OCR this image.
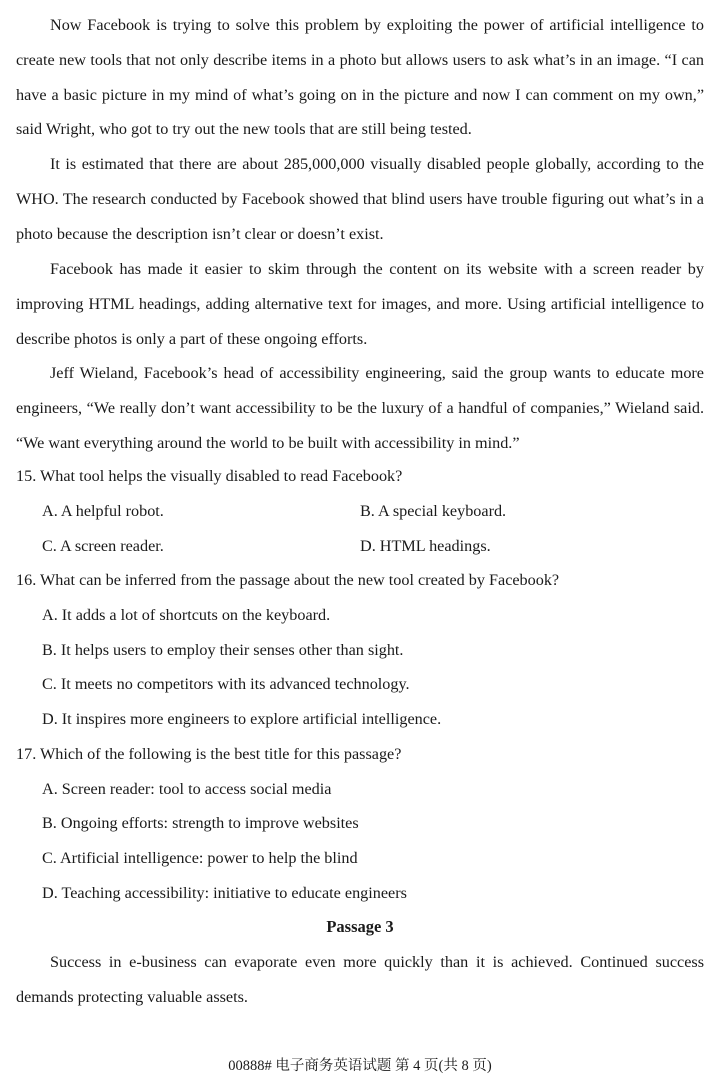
Now Facebook is trying to solve this problem by exploiting the power of artificial intelligence to create new tools that not only describe items in a photo but allows users to ask what’s in an image. “I can have a basic picture in my mind of what’s going on in the picture and now I can comment on my own,” said Wright, who got to try out the new tools that are still being tested.

It is estimated that there are about 285,000,000 visually disabled people globally, according to the WHO. The research conducted by Facebook showed that blind users have trouble figuring out what’s in a photo because the description isn’t clear or doesn’t exist.

Facebook has made it easier to skim through the content on its website with a screen reader by improving HTML headings, adding alternative text for images, and more. Using artificial intelligence to describe photos is only a part of these ongoing efforts.

Jeff Wieland, Facebook’s head of accessibility engineering, said the group wants to educate more engineers, “We really don’t want accessibility to be the luxury of a handful of companies,” Wieland said. “We want everything around the world to be built with accessibility in mind.”

15. What tool helps the visually disabled to read Facebook?

A. A helpful robot.	B. A special keyboard.

C. A screen reader.	D. HTML headings.

16. What can be inferred from the passage about the new tool created by Facebook?

A. It adds a lot of shortcuts on the keyboard.

B. It helps users to employ their senses other than sight.

C. It meets no competitors with its advanced technology.

D. It inspires more engineers to explore artificial intelligence.

17. Which of the following is the best title for this passage?

A. Screen reader: tool to access social media

B. Ongoing efforts: strength to improve websites

C. Artificial intelligence: power to help the blind

D. Teaching accessibility: initiative to educate engineers

Passage 3

Success in e-business can evaporate even more quickly than it is achieved. Continued success demands protecting valuable assets.

00888# 电子商务英语试题 第 4 页(共 8 页)
